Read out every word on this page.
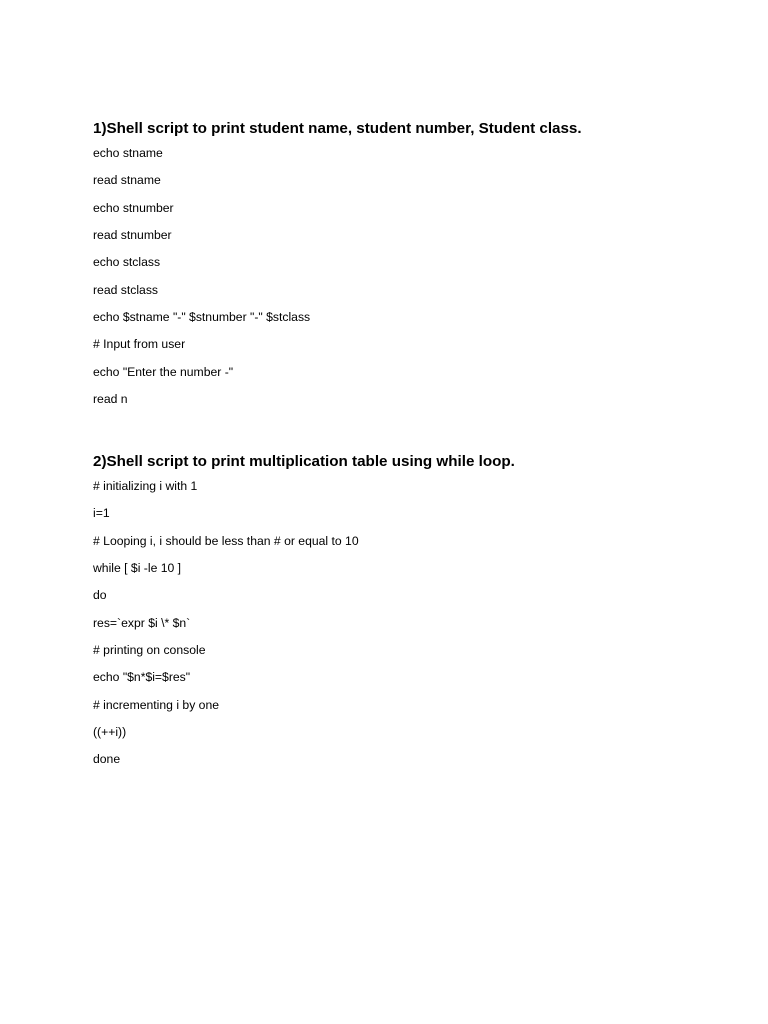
1)Shell script to print student name, student number, Student class.
echo stname
read stname
echo stnumber
read stnumber
echo stclass
read stclass
echo $stname "-" $stnumber "-" $stclass
# Input from user
echo "Enter the number -"
read n
2)Shell script to print multiplication table using while loop.
# initializing i with 1
i=1
# Looping i, i should be less than # or equal to 10
while [ $i -le 10 ]
do
res=`expr $i \* $n`
# printing on console
echo "$n*$i=$res"
# incrementing i by one
((++i))
done
